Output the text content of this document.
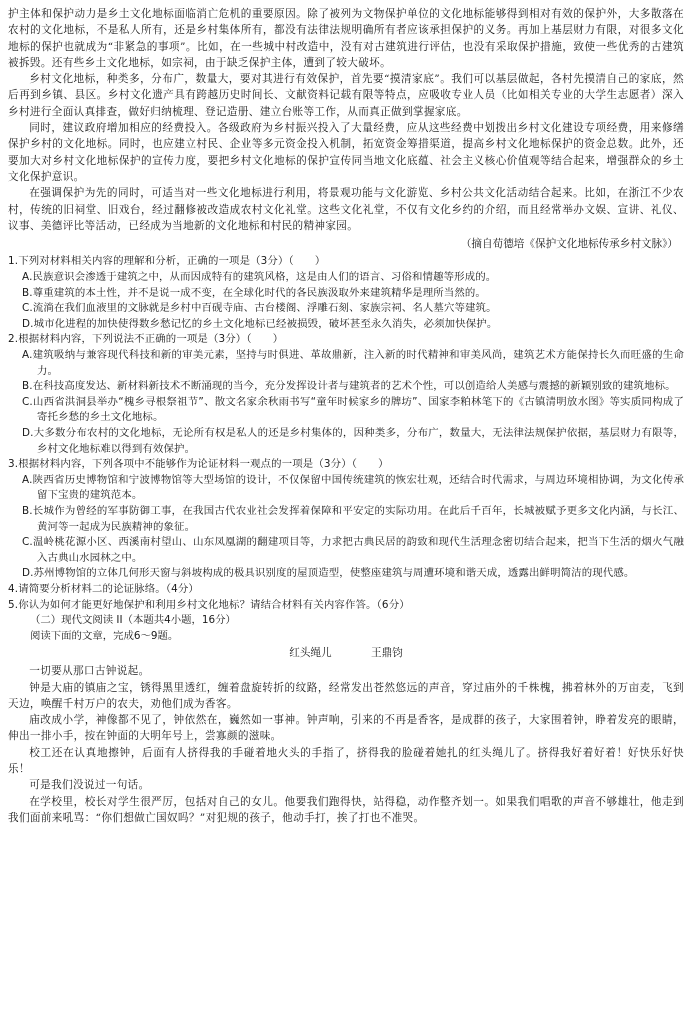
护主体和保护动力是乡土文化地标面临消亡危机的重要原因。除了被列为文物保护单位的文化地标能够得到相对有效的保护外，大多散落在农村的文化地标，不是私人所有，还是乡村集体所有，都没有法律法规明确所有者应该承担保护的义务。再加上基层财力有限，对很多文化地标的保护也就成为“非紧急的事项”。比如，在一些城中村改造中，没有对古建筑进行评估，也没有采取保护措施，致使一些优秀的古建筑被拆毁。还有些乡土文化地标，如宗祠，由于缺乏保护主体，遭到了较大破坏。

乡村文化地标，种类多，分布广，数量大，要对其进行有效保护，首先要“摸清家底”。我们可以基层做起，各村先摸清自己的家底，然后再到乡镇、县区。乡村文化遗产具有跨越历史时间长、文献资料记载有限等特点，应吸收专业人员（比如相关专业的大学生志愿者）深入乡村进行全面认真排查，做好归纳梳理、登记造册、建立台账等工作，从而真正做到掌握家底。

同时，建议政府增加相应的经费投入。各级政府为乡村振兴投入了大量经费，应从这些经费中划拨出乡村文化建设专项经费，用来修缮保护乡村的文化地标。同时，也应建立村民、企业等多元资金投入机制，拓宽资金筹措渠道，提高乡村文化地标保护的资金总数。此外，还要加大对乡村文化地标保护的宣传力度，要把乡村文化地标的保护宣传同当地文化底蕴、社会主义核心价值观等结合起来，增强群众的乡土文化保护意识。

在强调保护为先的同时，可适当对一些文化地标进行利用，将景观功能与文化游览、乡村公共文化活动结合起来。比如，在浙江不少农村，传统的旧祠堂、旧戏台，经过翻修被改造成农村文化礼堂。这些文化礼堂，不仅有文化乡约的介绍，而且经常举办文娱、宣讲、礼仪、议事、美德评比等活动，已经成为当地新的文化地标和村民的精神家园。

（摘自荀德培《保护文化地标传承乡村文脉》）

1.下列对材料相关内容的理解和分析，正确的一项是（3分）（　　）

A.民族意识会渗透于建筑之中，从而因成特有的建筑风格，这是由人们的语言、习俗和情趣等形成的。

B.尊重建筑的本土性，并不是说一成不变，在全球化时代的各民族汲取外来建筑精华是理所当然的。

C.流淌在我们血液里的文脉就是乡村中百砚寺庙、古台楼阁、浮雕石刻、家族宗祠、名人墓穴等建筑。

D.城市化进程的加快使得数乡愁记忆的乡土文化地标已经被损毁，破坏甚至永久消失，必须加快保护。

2.根据材料内容，下列说法不正确的一项是（3分）（　　）

A.建筑吸纳与兼容现代科技和新的审美元素，坚持与时俱进、革故鼎新，注入新的时代精神和审美风尚，建筑艺术方能保持长久而旺盛的生命力。

B.在科技高度发达、新材料新技术不断涌现的当今，充分发挥设计者与建筑者的艺术个性，可以创造给人美感与震撼的新颖别致的建筑地标。

C.山西省洪洞县举办“槐乡寻根祭祖节”、散文名家余秋雨书写“童年时候家乡的牌坊”、国家李粕林笔下的《古镇清明放水图》等实质同构成了寄托乡愁的乡土文化地标。

D.大多数分布农村的文化地标，无论所有权是私人的还是乡村集体的，因种类多，分布广，数量大，无法律法规保护依据，基层财力有限等，乡村文化地标难以得到有效保护。

3.根据材料内容，下列各项中不能够作为论证材料一观点的一项是（3分）（　　）

A.陕西省历史博物馆和宁波博物馆等大型场馆的设计，不仅保留中国传统建筑的恢宏壮观，还结合时代需求，与周边环境相协调，为文化传承留下宝贵的建筑范本。

B.长城作为曾经的军事防御工事，在我国古代农业社会发挥着保障和平安定的实际功用。在此后千百年，长城被赋予更多文化内涵，与长江、黄河等一起成为民族精神的象征。

C.温岭桃花源小区、西溪南村望山、山东凤凰湖的翻建项目等，力求把古典民居的韵致和现代生活理念密切结合起来，把当下生活的烟火气融入古典山水园林之中。

D.苏州博物馆的立体几何形天窗与斜坡构成的极具识别度的屋顶造型，使整座建筑与周遭环境和谐天成，透露出鲜明简洁的现代感。

4.请简要分析材料二的论证脉络。（4分）

5.你认为如何才能更好地保护和利用乡村文化地标？请结合材料有关内容作答。（6分）

（二）现代文阅读 II（本题共4小题，16分）

阅读下面的文章，完成6～9题。

红头绳儿	王鼎钧

一切要从那口古钟说起。

钟是大庙的镇庙之宝，锈得黑里透红，缠着盘旋转折的纹路，经常发出苍然悠远的声音，穿过庙外的千株槐，拂着林外的万亩麦，飞到天边，唤醒千村万户的农夫，劝他们成为香客。

庙改成小学，神像都不见了，钟依然在，巍然如一事神。钟声响，引来的不再是香客，是成群的孩子，大家围着钟，睁着发亮的眼睛，伸出一排小手，按在钟面的大明年号上，尝寡颜的滋味。

校工还在认真地擦钟，后面有人挤得我的手碰着地火头的手指了，挤得我的脸碰着她扎的红头绳儿了。挤得我好着好着！好快乐好快乐！

可是我们没说过一句话。

在学校里，校长对学生很严厉，包括对自己的女儿。他要我们跑得快，站得稳，动作整齐划一。如果我们唱歌的声音不够雄壮，他走到我们面前来吼骂：“你们想做亡国奴吗？”对犯规的孩子，他动手打，挨了打也不准哭。
